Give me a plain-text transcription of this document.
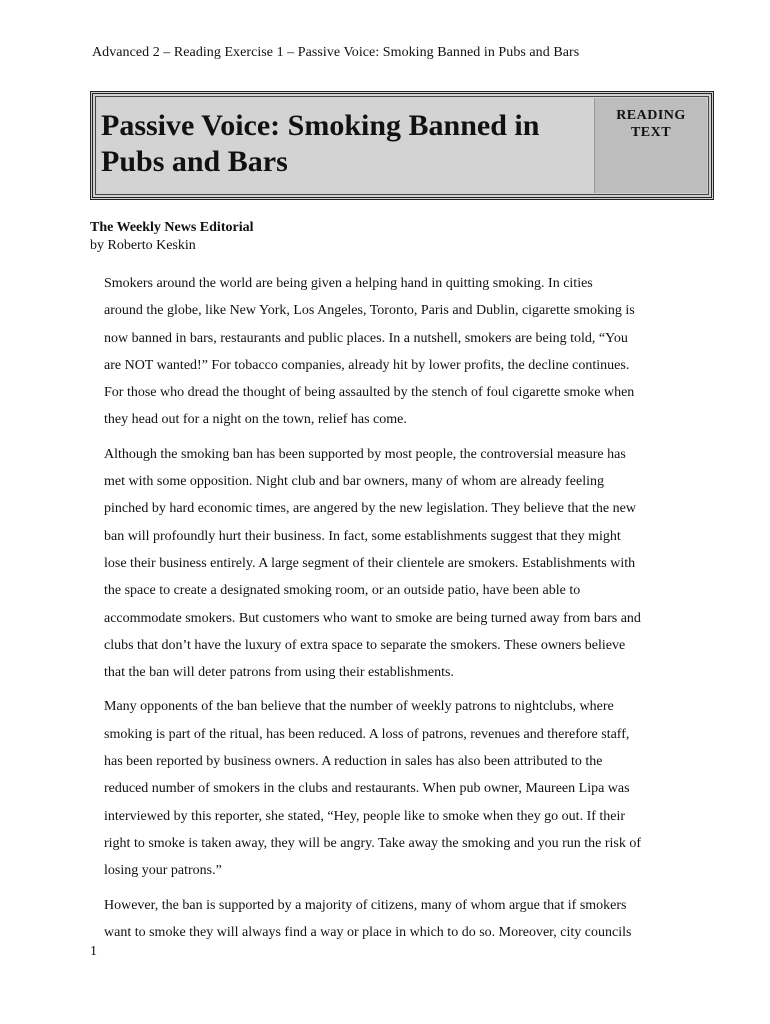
Advanced 2 – Reading Exercise 1 – Passive Voice: Smoking Banned in Pubs and Bars
Passive Voice: Smoking Banned in Pubs and Bars
READING
TEXT
The Weekly News Editorial
by Roberto Keskin

Smokers around the world are being given a helping hand in quitting smoking. In cities
around the globe, like New York, Los Angeles, Toronto, Paris and Dublin, cigarette smoking is
now banned in bars, restaurants and public places. In a nutshell, smokers are being told, “You
are NOT wanted!” For tobacco companies, already hit by lower profits, the decline continues.
For those who dread the thought of being assaulted by the stench of foul cigarette smoke when
they head out for a night on the town, relief has come.

Although the smoking ban has been supported by most people, the controversial measure has
met with some opposition. Night club and bar owners, many of whom are already feeling
pinched by hard economic times, are angered by the new legislation. They believe that the new
ban will profoundly hurt their business. In fact, some establishments suggest that they might
lose their business entirely. A large segment of their clientele are smokers. Establishments with
the space to create a designated smoking room, or an outside patio, have been able to
accommodate smokers. But customers who want to smoke are being turned away from bars and
clubs that don’t have the luxury of extra space to separate the smokers. These owners believe
that the ban will deter patrons from using their establishments.

Many opponents of the ban believe that the number of weekly patrons to nightclubs, where
smoking is part of the ritual, has been reduced. A loss of patrons, revenues and therefore staff,
has been reported by business owners. A reduction in sales has also been attributed to the
reduced number of smokers in the clubs and restaurants. When pub owner, Maureen Lipa was
interviewed by this reporter, she stated, “Hey, people like to smoke when they go out. If their
right to smoke is taken away, they will be angry. Take away the smoking and you run the risk of
losing your patrons.”

However, the ban is supported by a majority of citizens, many of whom argue that if smokers
want to smoke they will always find a way or place in which to do so. Moreover, city councils

1
